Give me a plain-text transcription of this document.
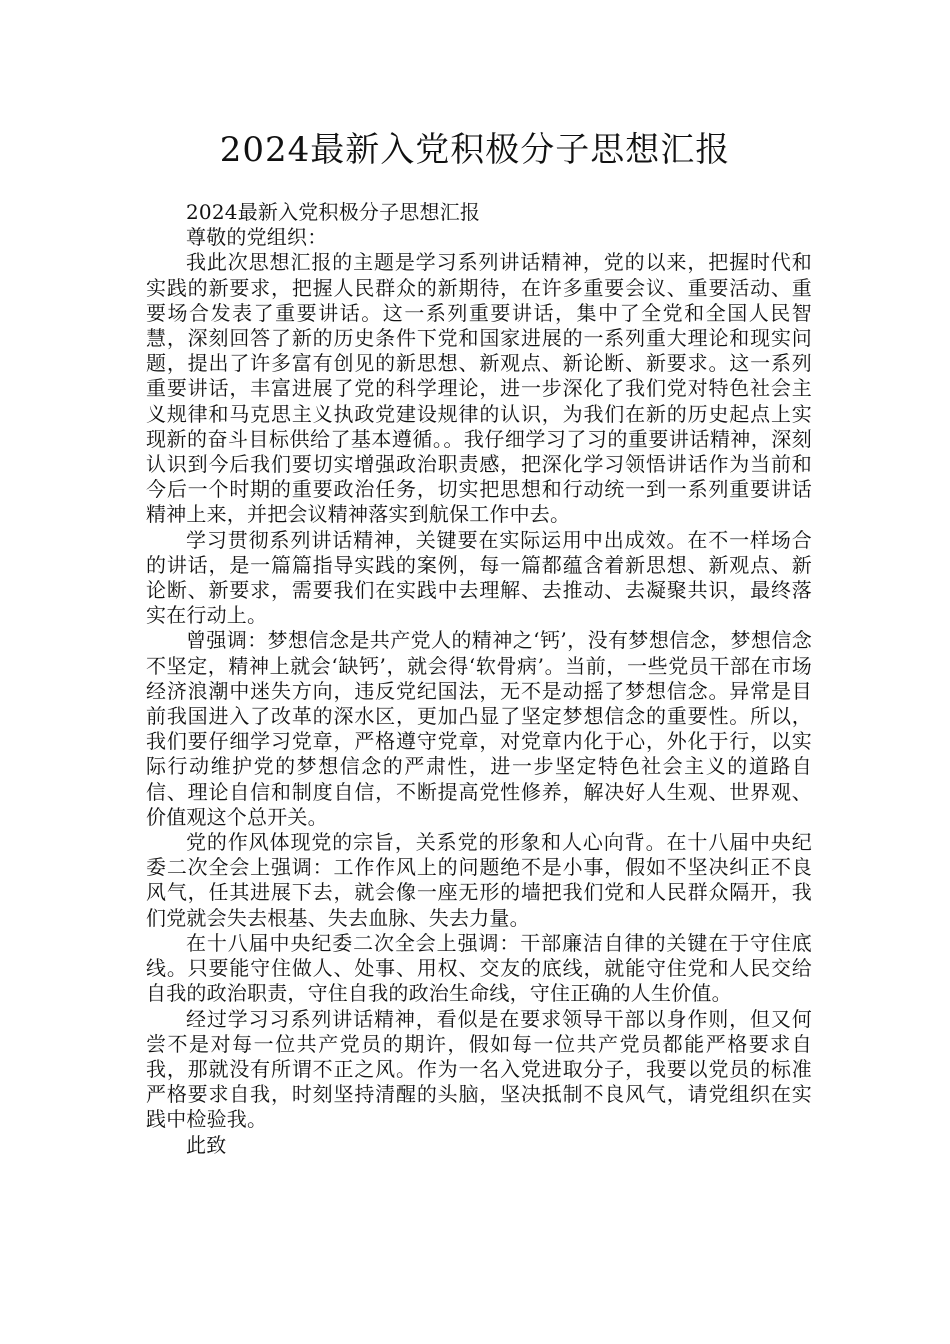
2024最新入党积极分子思想汇报

2024最新入党积极分子思想汇报

尊敬的党组织：

我此次思想汇报的主题是学习系列讲话精神，党的以来，把握时代和实践的新要求，把握人民群众的新期待，在许多重要会议、重要活动、重要场合发表了重要讲话。这一系列重要讲话，集中了全党和全国人民智慧，深刻回答了新的历史条件下党和国家进展的一系列重大理论和现实问题，提出了许多富有创见的新思想、新观点、新论断、新要求。这一系列重要讲话，丰富进展了党的科学理论，进一步深化了我们党对特色社会主义规律和马克思主义执政党建设规律的认识，为我们在新的历史起点上实现新的奋斗目标供给了基本遵循。。我仔细学习了习的重要讲话精神，深刻认识到今后我们要切实增强政治职责感，把深化学习领悟讲话作为当前和今后一个时期的重要政治任务，切实把思想和行动统一到一系列重要讲话精神上来，并把会议精神落实到航保工作中去。

学习贯彻系列讲话精神，关键要在实际运用中出成效。在不一样场合的讲话，是一篇篇指导实践的案例，每一篇都蕴含着新思想、新观点、新论断、新要求，需要我们在实践中去理解、去推动、去凝聚共识，最终落实在行动上。

曾强调：梦想信念是共产党人的精神之‘钙’，没有梦想信念，梦想信念不坚定，精神上就会‘缺钙’，就会得‘软骨病’。当前，一些党员干部在市场经济浪潮中迷失方向，违反党纪国法，无不是动摇了梦想信念。异常是目前我国进入了改革的深水区，更加凸显了坚定梦想信念的重要性。所以，我们要仔细学习党章，严格遵守党章，对党章内化于心，外化于行，以实际行动维护党的梦想信念的严肃性，进一步坚定特色社会主义的道路自信、理论自信和制度自信，不断提高党性修养，解决好人生观、世界观、价值观这个总开关。

党的作风体现党的宗旨，关系党的形象和人心向背。在十八届中央纪委二次全会上强调：工作作风上的问题绝不是小事，假如不坚决纠正不良风气，任其进展下去，就会像一座无形的墙把我们党和人民群众隔开，我们党就会失去根基、失去血脉、失去力量。

在十八届中央纪委二次全会上强调：干部廉洁自律的关键在于守住底线。只要能守住做人、处事、用权、交友的底线，就能守住党和人民交给自我的政治职责，守住自我的政治生命线，守住正确的人生价值。

经过学习习系列讲话精神，看似是在要求领导干部以身作则，但又何尝不是对每一位共产党员的期许，假如每一位共产党员都能严格要求自我，那就没有所谓不正之风。作为一名入党进取分子，我要以党员的标准严格要求自我，时刻坚持清醒的头脑，坚决抵制不良风气，请党组织在实践中检验我。

此致
